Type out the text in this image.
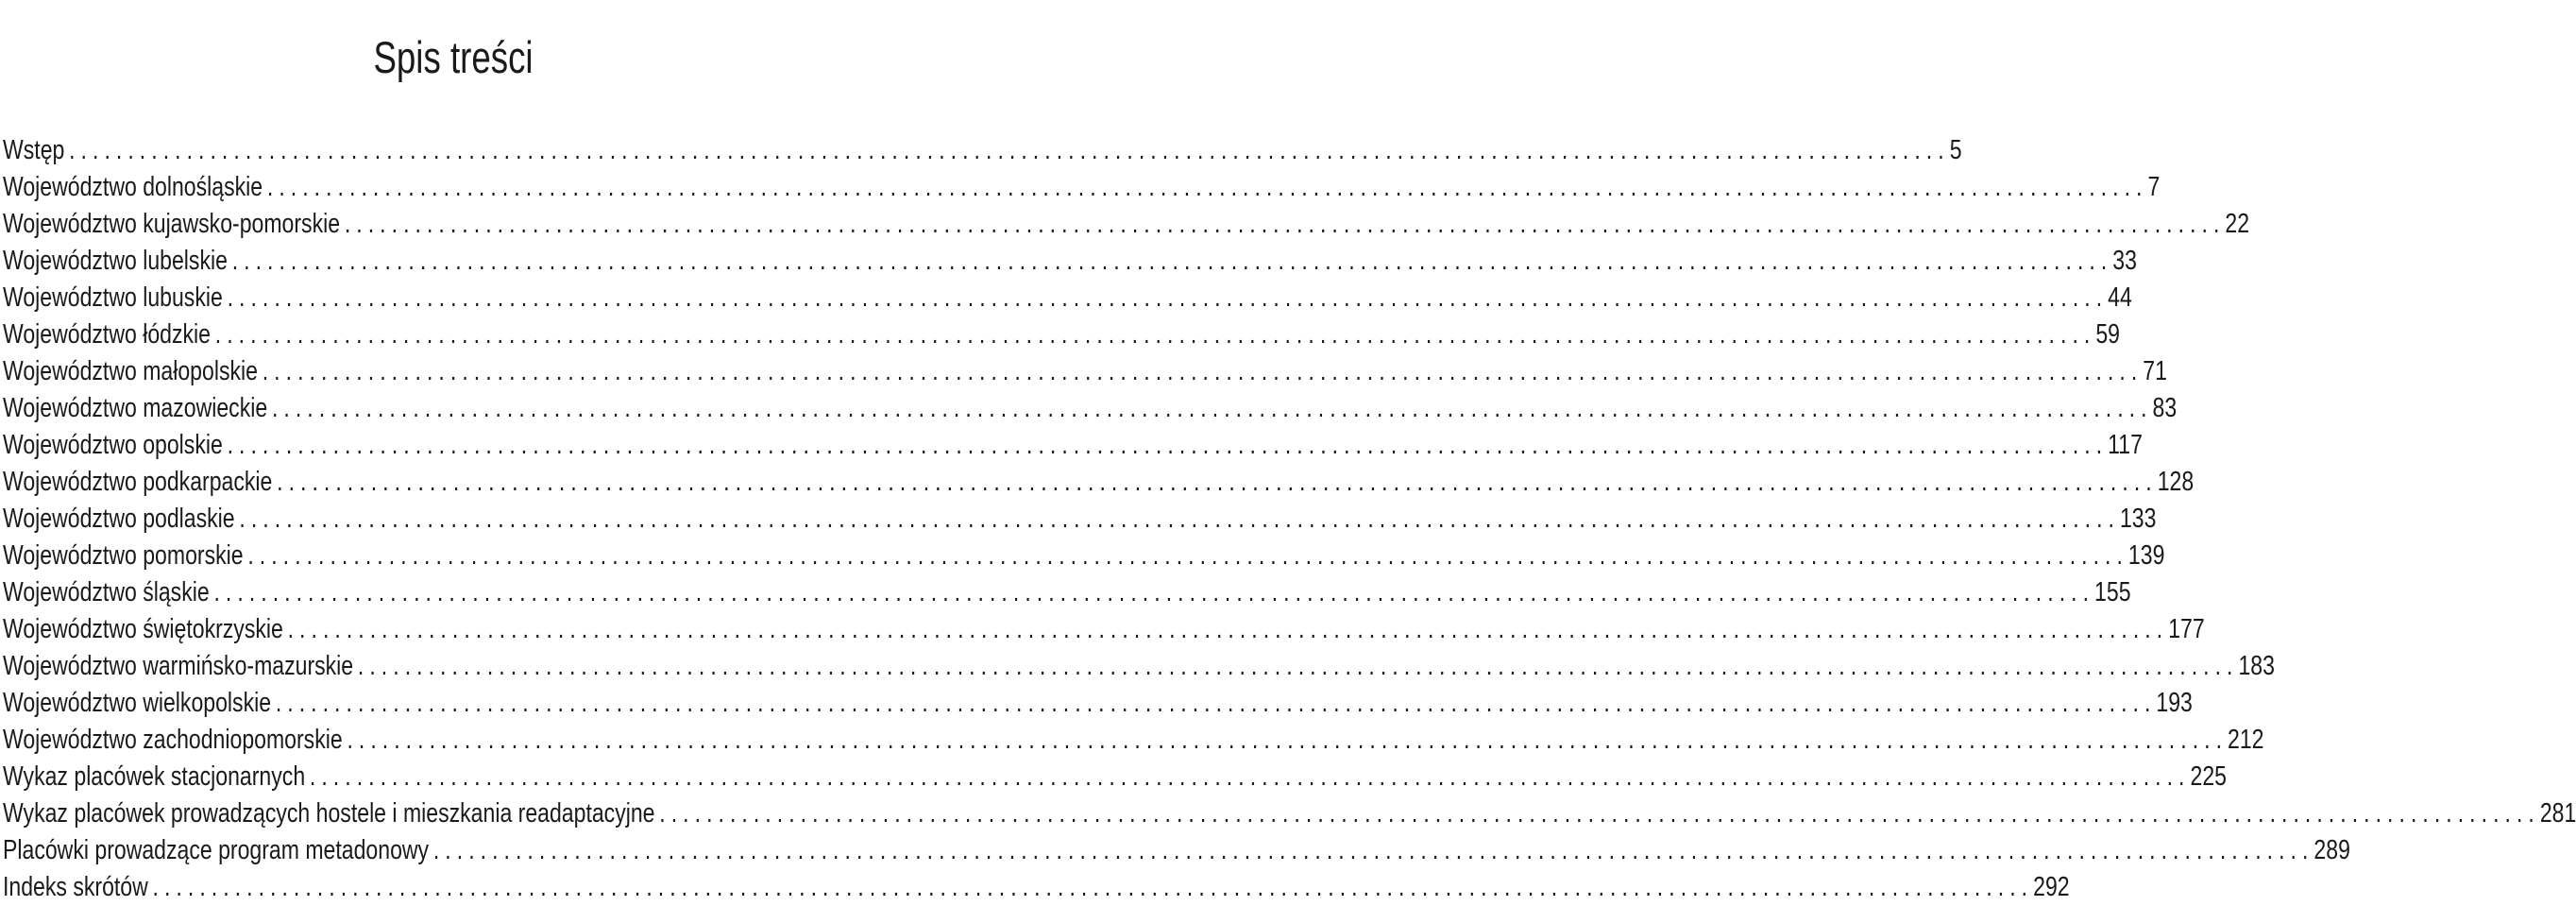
Spis treści
Wstęp ................................................................................................................................................................ 5
Województwo dolnośląskie ................................................................................................................................................................ 7
Województwo kujawsko-pomorskie ................................................................................................................................................................ 22
Województwo lubelskie ................................................................................................................................................................ 33
Województwo lubuskie ................................................................................................................................................................ 44
Województwo łódzkie ................................................................................................................................................................ 59
Województwo małopolskie ................................................................................................................................................................ 71
Województwo mazowieckie ................................................................................................................................................................ 83
Województwo opolskie ................................................................................................................................................................ 117
Województwo podkarpackie ................................................................................................................................................................ 128
Województwo podlaskie ................................................................................................................................................................ 133
Województwo pomorskie ................................................................................................................................................................ 139
Województwo śląskie ................................................................................................................................................................ 155
Województwo świętokrzyskie ................................................................................................................................................................ 177
Województwo warmińsko-mazurskie ................................................................................................................................................................ 183
Województwo wielkopolskie ................................................................................................................................................................ 193
Województwo zachodniopomorskie ................................................................................................................................................................ 212
Wykaz placówek stacjonarnych ................................................................................................................................................................ 225
Wykaz placówek prowadzących hostele i mieszkania readaptacyjne ................................................................................................................................................................ 281
Placówki prowadzące program metadonowy ................................................................................................................................................................ 289
Indeks skrótów ................................................................................................................................................................ 292
